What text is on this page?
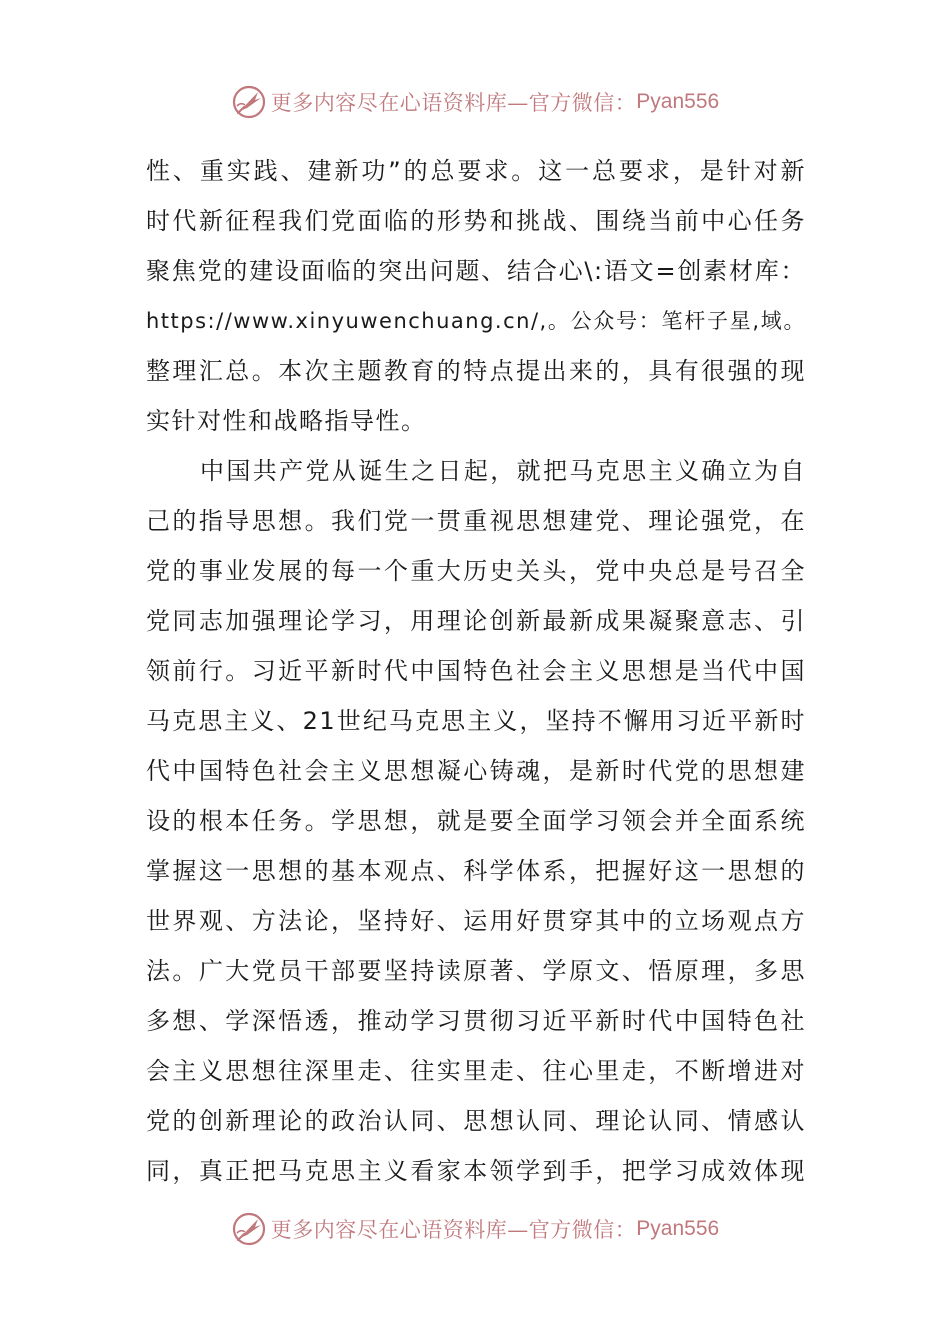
更多内容尽在心语资料库—官方微信： Pyan556
性、重实践、建新功”的总要求。这一总要求，是针对新
时代新征程我们党面临的形势和挑战、围绕当前中心任务
聚焦党的建设面临的突出问题、结合心\:语文=创素材库：
https://www.xinyuwenchuang.cn/,。公众号：笔杆子星,域。
整理汇总。本次主题教育的特点提出来的，具有很强的现
实针对性和战略指导性。
中国共产党从诞生之日起，就把马克思主义确立为自
己的指导思想。我们党一贯重视思想建党、理论强党，在
党的事业发展的每一个重大历史关头，党中央总是号召全
党同志加强理论学习，用理论创新最新成果凝聚意志、引
领前行。习近平新时代中国特色社会主义思想是当代中国
马克思主义、21世纪马克思主义，坚持不懈用习近平新时
代中国特色社会主义思想凝心铸魂，是新时代党的思想建
设的根本任务。学思想，就是要全面学习领会并全面系统
掌握这一思想的基本观点、科学体系，把握好这一思想的
世界观、方法论，坚持好、运用好贯穿其中的立场观点方
法。广大党员干部要坚持读原著、学原文、悟原理，多思
多想、学深悟透，推动学习贯彻习近平新时代中国特色社
会主义思想往深里走、往实里走、往心里走，不断增进对
党的创新理论的政治认同、思想认同、理论认同、情感认
同，真正把马克思主义看家本领学到手，把学习成效体现
更多内容尽在心语资料库—官方微信： Pyan556
